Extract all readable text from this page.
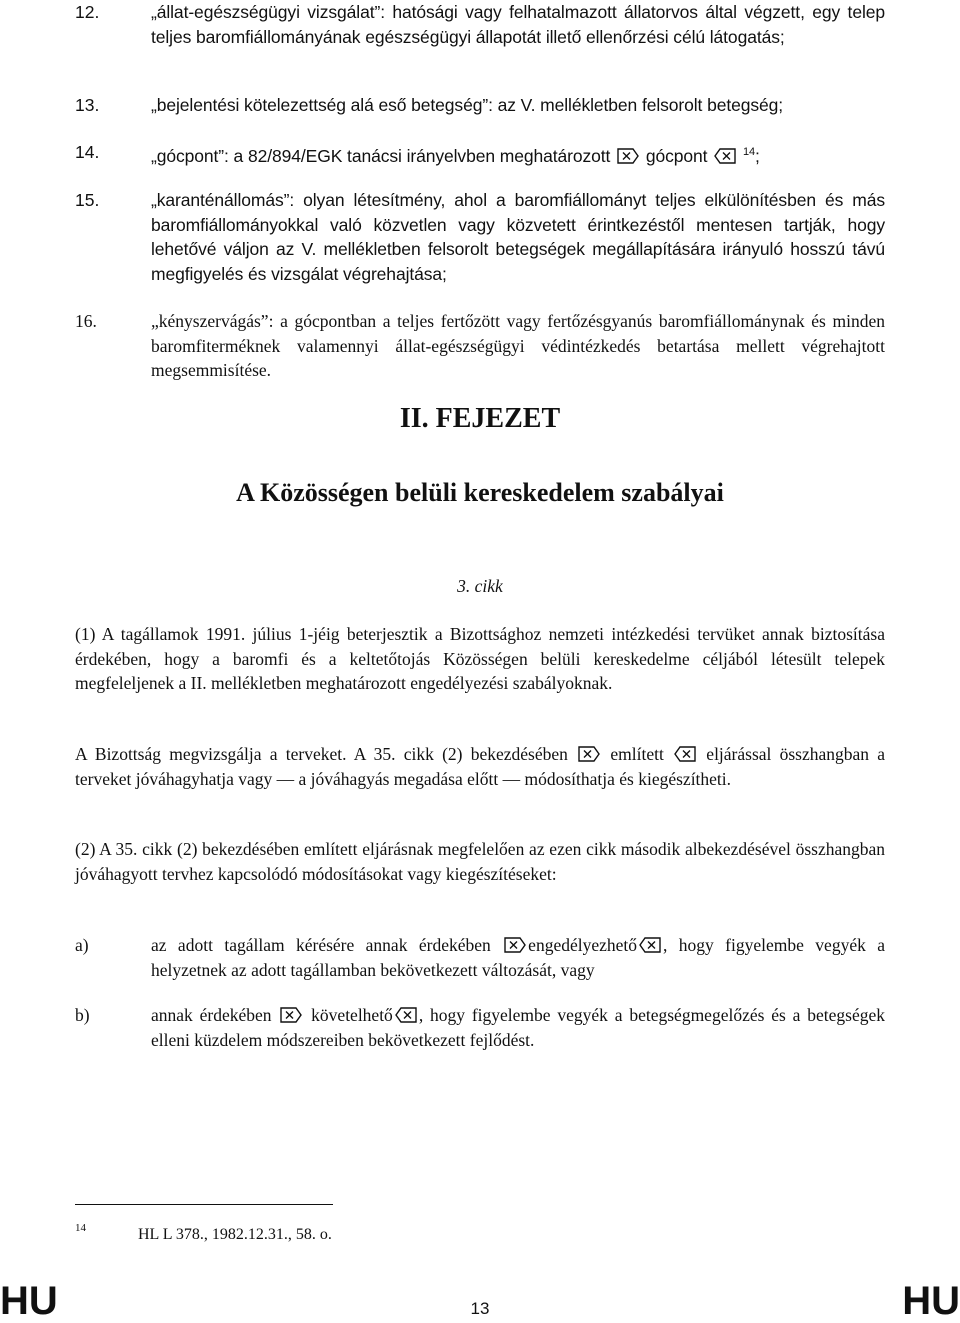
12.	„állat-egészségügyi vizsgálat”: hatósági vagy felhatalmazott állatorvos által végzett, egy telep teljes baromfiállományának egészségügyi állapotát illető ellenőrzési célú látogatás;
13.	„bejelentési kötelezettség alá eső betegség”: az V. mellékletben felsorolt betegség;
14.	„gócpont”: a 82/894/EGK tanácsi irányelvben meghatározott gócpont	$^{14}$;
15.	„karanténállomás”: olyan létesítmény, ahol a baromfiállományt teljes elkülönítésben és más baromfiállományokkal való közvetlen vagy közvetett érintkezéstől mentesen tartják, hogy lehetővé váljon az V. mellékletben felsorolt betegségek megállapítására irányuló hosszú távú megfigyelés és vizsgálat végrehajtása;
16.	„kényszervágás”: a gócpontban a teljes fertőzött vagy fertőzésgyanús baromfiállománynak és minden baromfiterméknek valamennyi állat-egészségügyi védintézkedés betartása mellett végrehajtott megsemmisítése.
II. FEJEZET
A Közösségen belüli kereskedelem szabályai
3. cikk
(1) A tagállamok 1991. július 1-jéig beterjesztik a Bizottsághoz nemzeti intézkedési tervüket annak biztosítása érdekében, hogy a baromfi és a keltetőtojás Közösségen belüli kereskedelme céljából létesült telepek megfeleljenek a II. mellékletben meghatározott engedélyezési szabályoknak.
A Bizottság megvizsgálja a terveket. A 35. cikk (2) bekezdésében említett eljárással összhangban a terveket jóváhagyhatja vagy — a jóváhagyás megadása előtt — módosíthatja és kiegészítheti.
(2) A 35. cikk (2) bekezdésében említett eljárásnak megfelelően az ezen cikk második albekezdésével összhangban jóváhagyott tervhez kapcsolódó módosításokat vagy kiegészítéseket:
a)	az adott tagállam kérésére annak érdekében engedélyezhető , hogy figyelembe vegyék a helyzetnek az adott tagállamban bekövetkezett változását, vagy
b)	annak érdekében követelhető , hogy figyelembe vegyék a betegségmegelőzés és a betegségek elleni küzdelem módszereiben bekövetkezett fejlődést.
14	HL L 378., 1982.12.31., 58. o.
HU	HU
13
